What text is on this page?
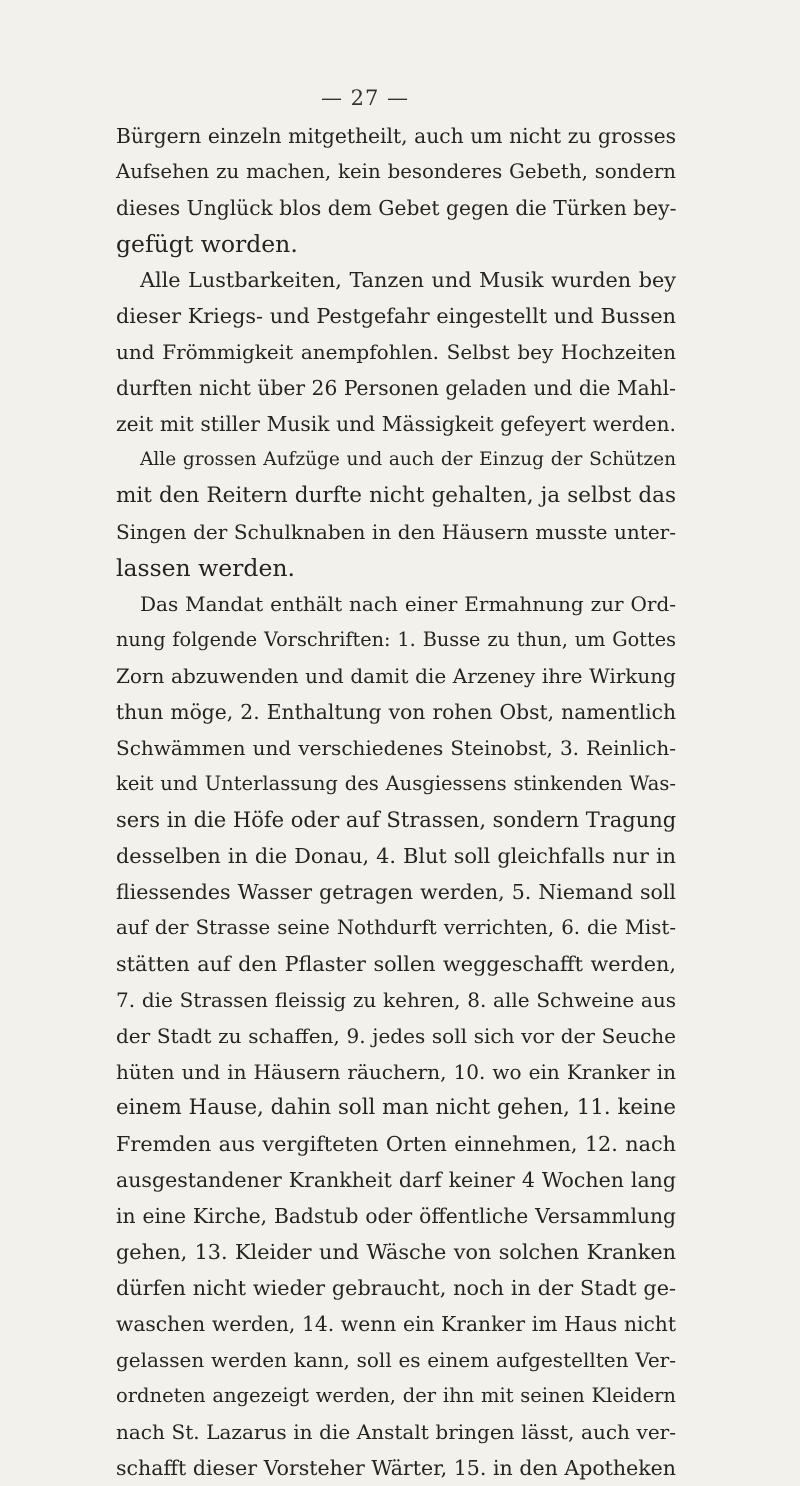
— 27 —
Bürgern einzeln mitgetheilt, auch um nicht zu grosses
Aufsehen zu machen, kein besonderes Gebeth, sondern
dieses Unglück blos dem Gebet gegen die Türken bey-
gefügt worden.
Alle Lustbarkeiten, Tanzen und Musik wurden bey
dieser Kriegs- und Pestgefahr eingestellt und Bussen
und Frömmigkeit anempfohlen. Selbst bey Hochzeiten
durften nicht über 26 Personen geladen und die Mahl-
zeit mit stiller Musik und Mässigkeit gefeyert werden.
Alle grossen Aufzüge und auch der Einzug der Schützen
mit den Reitern durfte nicht gehalten, ja selbst das
Singen der Schulknaben in den Häusern musste unter-
lassen werden.
Das Mandat enthält nach einer Ermahnung zur Ord-
nung folgende Vorschriften: 1. Busse zu thun, um Gottes
Zorn abzuwenden und damit die Arzeney ihre Wirkung
thun möge, 2. Enthaltung von rohen Obst, namentlich
Schwämmen und verschiedenes Steinobst, 3. Reinlich-
keit und Unterlassung des Ausgiessens stinkenden Was-
sers in die Höfe oder auf Strassen, sondern Tragung
desselben in die Donau, 4. Blut soll gleichfalls nur in
fliessendes Wasser getragen werden, 5. Niemand soll
auf der Strasse seine Nothdurft verrichten, 6. die Mist-
stätten auf den Pflaster sollen weggeschafft werden,
7. die Strassen fleissig zu kehren, 8. alle Schweine aus
der Stadt zu schaffen, 9. jedes soll sich vor der Seuche
hüten und in Häusern räuchern, 10. wo ein Kranker in
einem Hause, dahin soll man nicht gehen, 11. keine
Fremden aus vergifteten Orten einnehmen, 12. nach
ausgestandener Krankheit darf keiner 4 Wochen lang
in eine Kirche, Badstub oder öffentliche Versammlung
gehen, 13. Kleider und Wäsche von solchen Kranken
dürfen nicht wieder gebraucht, noch in der Stadt ge-
waschen werden, 14. wenn ein Kranker im Haus nicht
gelassen werden kann, soll es einem aufgestellten Ver-
ordneten angezeigt werden, der ihn mit seinen Kleidern
nach St. Lazarus in die Anstalt bringen lässt, auch ver-
schafft dieser Vorsteher Wärter, 15. in den Apotheken
